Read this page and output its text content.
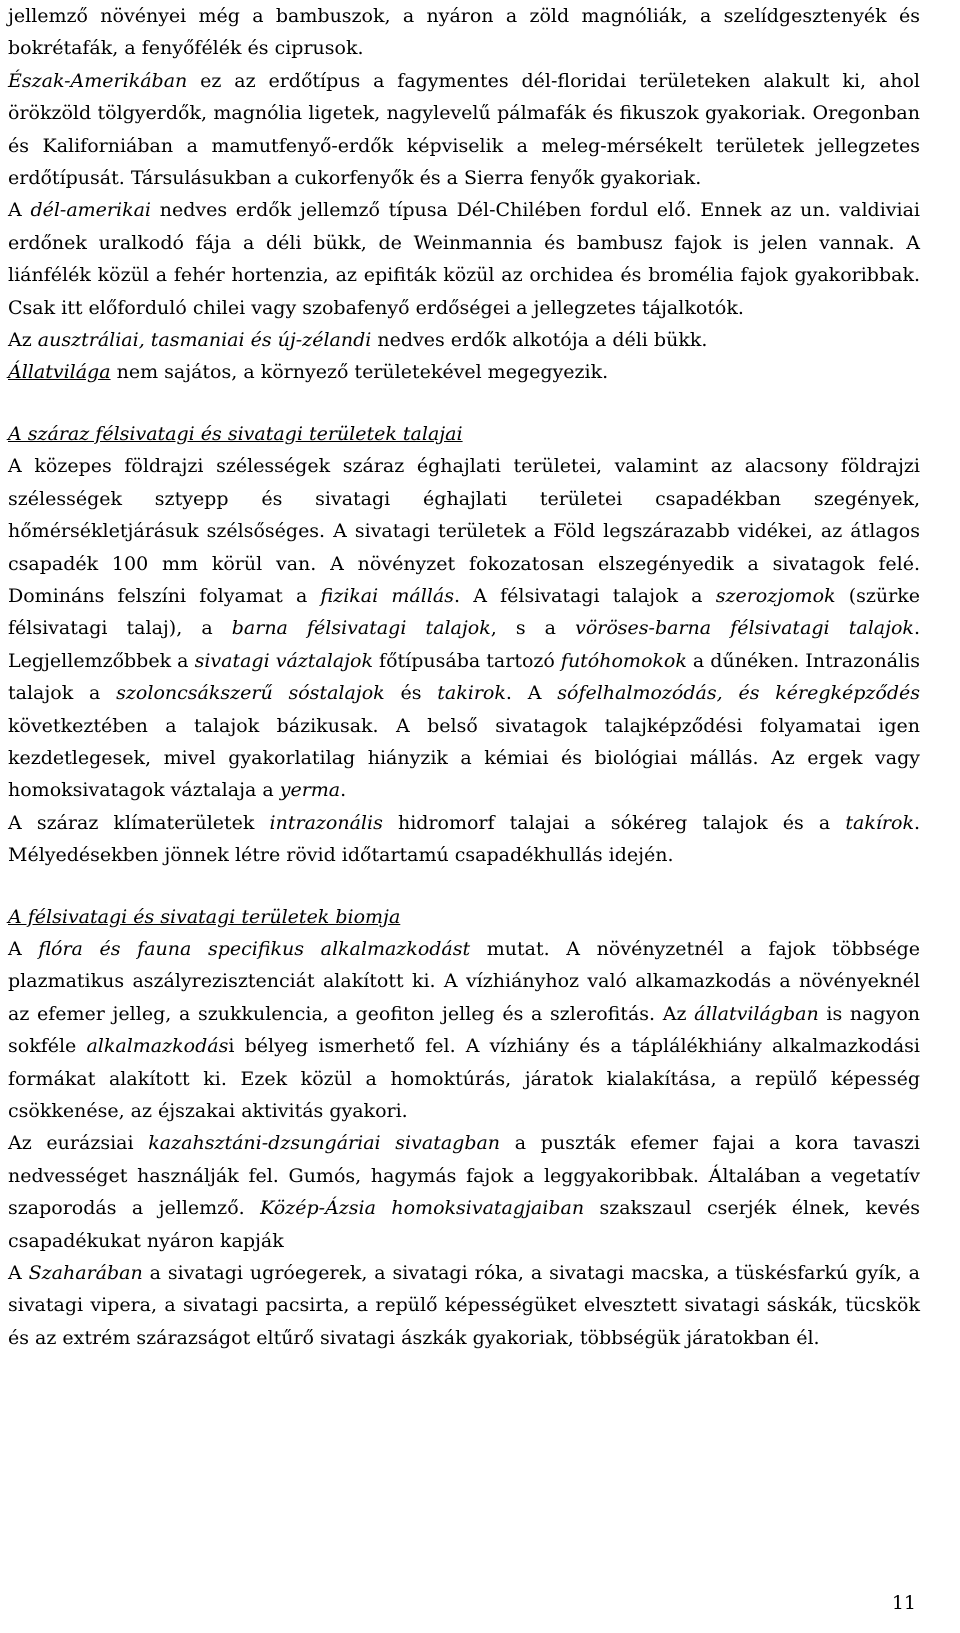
jellemző növényei még a bambuszok, a nyáron a zöld magnóliák, a szelídgesztenyék és bokrétafák, a fenyőfélék és ciprusok.

Észak-Amerikában ez az erdőtípus a fagymentes dél-floridai területeken alakult ki, ahol örökzöld tölgyerdők, magnólia ligetek, nagylevelű pálmafák és fikuszok gyakoriak. Oregonban és Kaliforniában a mamutfenyő-erdők képviselik a meleg-mérsékelt területek jellegzetes erdőtípusát. Társulásukban a cukorfenyők és a Sierra fenyők gyakoriak.

A dél-amerikai nedves erdők jellemző típusa Dél-Chilében fordul elő. Ennek az un. valdiviai erdőnek uralkodó fája a déli bükk, de Weinmannia és bambusz fajok is jelen vannak. A liánfélék közül a fehér hortenzia, az epifiták közül az orchidea és bromélia fajok gyakoribbak. Csak itt előforduló chilei vagy szobafenyő erdőségei a jellegzetes tájalkotók.

Az ausztráliai, tasmaniai és új-zélandi nedves erdők alkotója a déli bükk.

Állatvilága nem sajátos, a környező területekével megegyezik.

A száraz félsivatagi és sivatagi területek talajai

A közepes földrajzi szélességek száraz éghajlati területei, valamint az alacsony földrajzi szélességek sztyepp és sivatagi éghajlati területei csapadékban szegények, hőmérsékletjárásuk szélsőséges. A sivatagi területek a Föld legszárazabb vidékei, az átlagos csapadék 100 mm körül van. A növényzet fokozatosan elszegényedik a sivatagok felé. Domináns felszíni folyamat a fizikai mállás. A félsivatagi talajok a szerozjomok (szürke félsivatagi talaj), a barna félsivatagi talajok, s a vöröses-barna félsivatagi talajok. Legjellemzőbbek a sivatagi váztalajok főtípusába tartozó futóhomokok a dűnéken. Intrazonális talajok a szoloncsákszerű sóstalajok és takirok. A sófelhalmozódás, és kéregképződés következtében a talajok bázikusak. A belső sivatagok talajképződési folyamatai igen kezdetlegesek, mivel gyakorlatilag hiányzik a kémiai és biológiai mállás. Az ergek vagy homoksivatagok váztalaja a yerma.

A száraz klímaterületek intrazonális hidromorf talajai a sókéreg talajok és a takírok. Mélyedésekben jönnek létre rövid időtartamú csapadékhullás idején.

A félsivatagi és sivatagi területek biomja

A flóra és fauna specifikus alkalmazkodást mutat. A növényzetnél a fajok többsége plazmatikus aszályrezisztenciát alakított ki. A vízhiányhoz való alkamazkodás a növényeknél az efemer jelleg, a szukkulencia, a geofiton jelleg és a szlerofitás. Az állatvilágban is nagyon sokféle alkalmazkodási bélyeg ismerhető fel. A vízhiány és a táplálékhiány alkalmazkodási formákat alakított ki. Ezek közül a homoktúrás, járatok kialakítása, a repülő képesség csökkenése, az éjszakai aktivitás gyakori.

Az eurázsiai kazahsztáni-dzsungáriai sivatagban a puszták efemer fajai a kora tavaszi nedvességet használják fel. Gumós, hagymás fajok a leggyakoribbak. Általában a vegetatív szaporodás a jellemző. Közép-Ázsia homoksivatagjaiban szakszaul cserjék élnek, kevés csapadékukat nyáron kapják

A Szaharában a sivatagi ugróegerek, a sivatagi róka, a sivatagi macska, a tüskésfarkú gyík, a sivatagi vipera, a sivatagi pacsirta, a repülő képességüket elvesztett sivatagi sáskák, tücskök és az extrém szárazságot eltűrő sivatagi ászkák gyakoriak, többségük járatokban él.

11
